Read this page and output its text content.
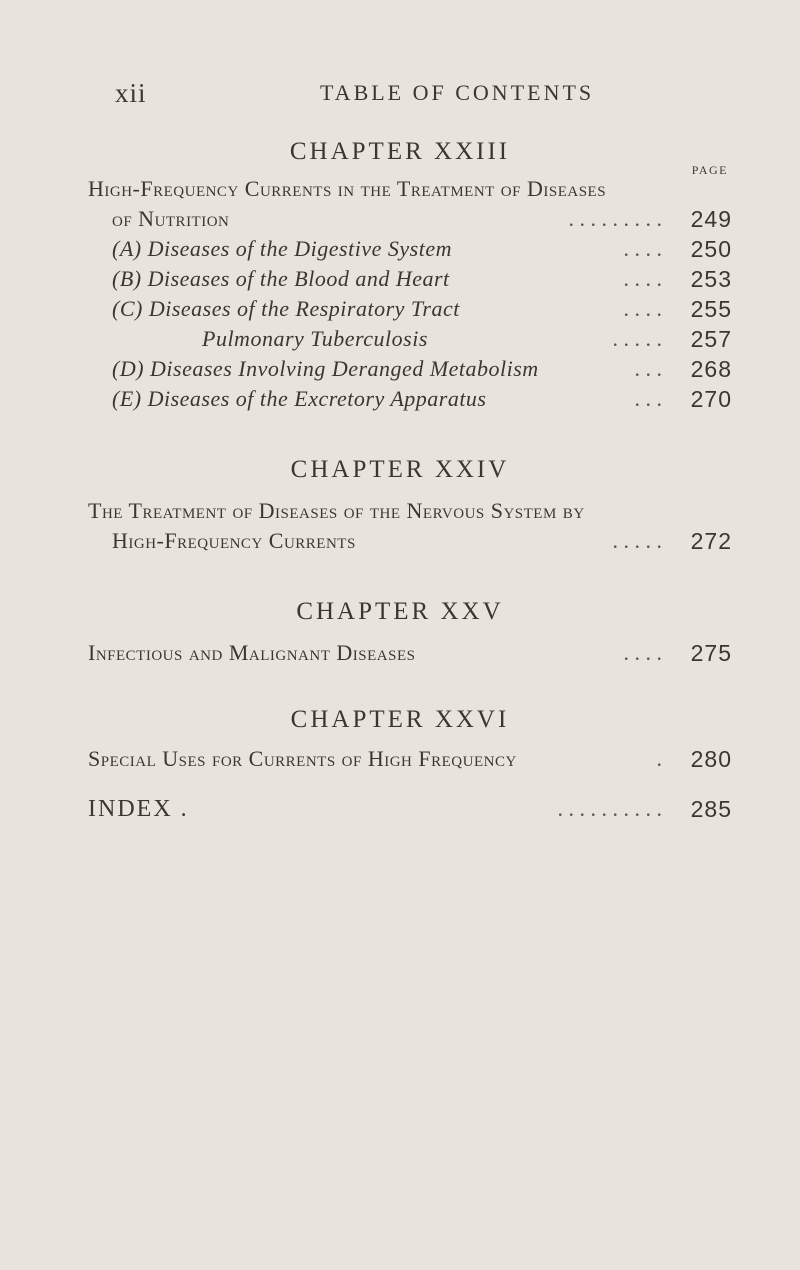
xii	TABLE OF CONTENTS
CHAPTER XXIII
PAGE
High-Frequency Currents in the Treatment of Diseases
of Nutrition	. . . . . . . . . 249
(A) Diseases of the Digestive System	. . . . 250
(B) Diseases of the Blood and Heart	. . . . 253
(C) Diseases of the Respiratory Tract	. . . . 255
Pulmonary Tuberculosis	. . . . . 257
(D) Diseases Involving Deranged Metabolism	. . . 268
(E) Diseases of the Excretory Apparatus	. . . 270
CHAPTER XXIV
The Treatment of Diseases of the Nervous System by
High-Frequency Currents	. . . . . 272
CHAPTER XXV
Infectious and Malignant Diseases	. . . . 275
CHAPTER XXVI
Special Uses for Currents of High Frequency	. 280
INDEX .	. . . . . . . . . . 285
